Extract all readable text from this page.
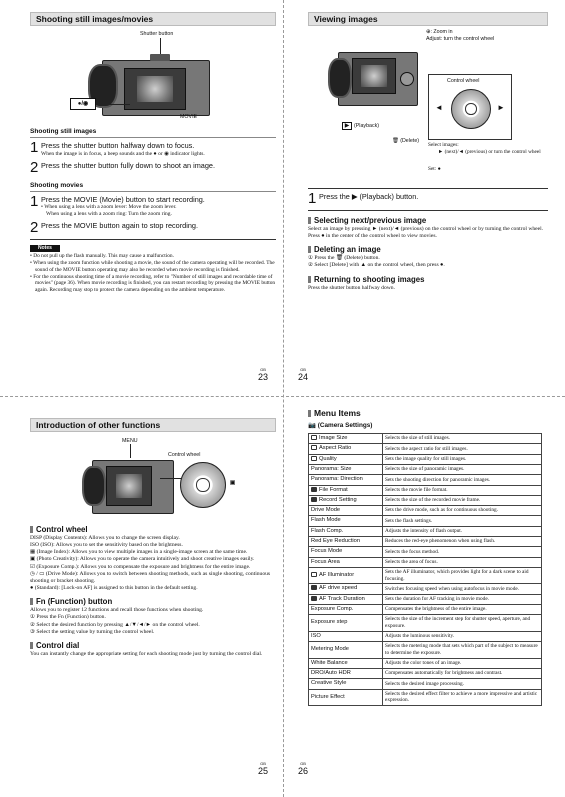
Shooting still images/movies
Shutter button
●/◉
MOVIE
Shooting still images
1 Press the shutter button halfway down to focus.
When the image is in focus, a beep sounds and the ● or ◉ indicator lights.
2 Press the shutter button fully down to shoot an image.
Shooting movies
1 Press the MOVIE (Movie) button to start recording.
• When using a lens with a zoom lever: Move the zoom lever.
When using a lens with a zoom ring: Turn the zoom ring.
2 Press the MOVIE button again to stop recording.
Notes

• Do not pull up the flash manually. This may cause a malfunction.

• When using the zoom function while shooting a movie, the sound of the camera operating will be recorded. The sound of the MOVIE button operating may also be recorded when movie recording is finished.

• For the continuous shooting time of a movie recording, refer to "Number of still images and recordable time of movies" (page 36). When movie recording is finished, you can restart recording by pressing the MOVIE button again. Recording may stop to protect the camera depending on the ambient temperature.

GB
23
Viewing images
⊕: Zoom in
Adjust: turn the control wheel
Control wheel
◄	►
▶ (Playback)
🗑 (Delete)
Select images:
► (next)/◄ (previous) or turn the control wheel
Set: ●
1 Press the ▶ (Playback) button.
Selecting next/previous image

Select an image by pressing ► (next)/◄ (previous) on the control wheel or by turning the control wheel. Press ● in the center of the control wheel to view movies.

Deleting an image

① Press the 🗑 (Delete) button.

② Select [Delete] with ▲ on the control wheel, then press ●.

Returning to shooting images

Press the shutter button halfway down.

GB
24
Introduction of other functions
MENU
Control wheel
▣
Control wheel

DISP (Display Contents): Allows you to change the screen display.

ISO (ISO): Allows you to set the sensitivity based on the brightness.

▦ (Image Index): Allows you to view multiple images in a single-image screen at the same time.

▣ (Photo Creativity): Allows you to operate the camera intuitively and shoot creative images easily.

☑ (Exposure Comp.): Allows you to compensate the exposure and brightness for the entire image.

◷ / ▭ (Drive Mode): Allows you to switch between shooting methods, such as single shooting, continuous shooting or bracket shooting.

● (Standard): [Lock-on AF] is assigned to this button in the default setting.

Fn (Function) button

Allows you to register 12 functions and recall those functions when shooting.

① Press the Fn (Function) button.

② Select the desired function by pressing ▲/▼/◄/► on the control wheel.

③ Select the setting value by turning the control wheel.

Control dial

You can instantly change the appropriate setting for each shooting mode just by turning the control dial.

GB
25
Menu Items
📷 (Camera Settings)
Image Size	Selects the size of still images.
Aspect Ratio	Selects the aspect ratio for still images.
Quality	Sets the image quality for still images.
Panorama: Size	Selects the size of panoramic images.
Panorama: Direction	Sets the shooting direction for panoramic images.
File Format	Selects the movie file format.
Record Setting	Selects the size of the recorded movie frame.
Drive Mode	Sets the drive mode, such as for continuous shooting.
Flash Mode	Sets the flash settings.
Flash Comp.	Adjusts the intensity of flash output.
Red Eye Reduction	Reduces the red-eye phenomenon when using flash.
Focus Mode	Selects the focus method.
Focus Area	Selects the area of focus.
AF Illuminator	Sets the AF illuminator, which provides light for a dark scene to aid focusing.
AF drive speed	Switches focusing speed when using autofocus in movie mode.
AF Track Duration	Sets the duration for AF tracking in movie mode.
Exposure Comp.	Compensates the brightness of the entire image.
Exposure step	Selects the size of the increment step for shutter speed, aperture, and exposure.
ISO	Adjusts the luminous sensitivity.
Metering Mode	Selects the metering mode that sets which part of the subject to measure to determine the exposure.
White Balance	Adjusts the color tones of an image.
DRO/Auto HDR	Compensates automatically for brightness and contrast.
Creative Style	Selects the desired image processing.
Picture Effect	Selects the desired effect filter to achieve a more impressive and artistic expression.
GB
26
